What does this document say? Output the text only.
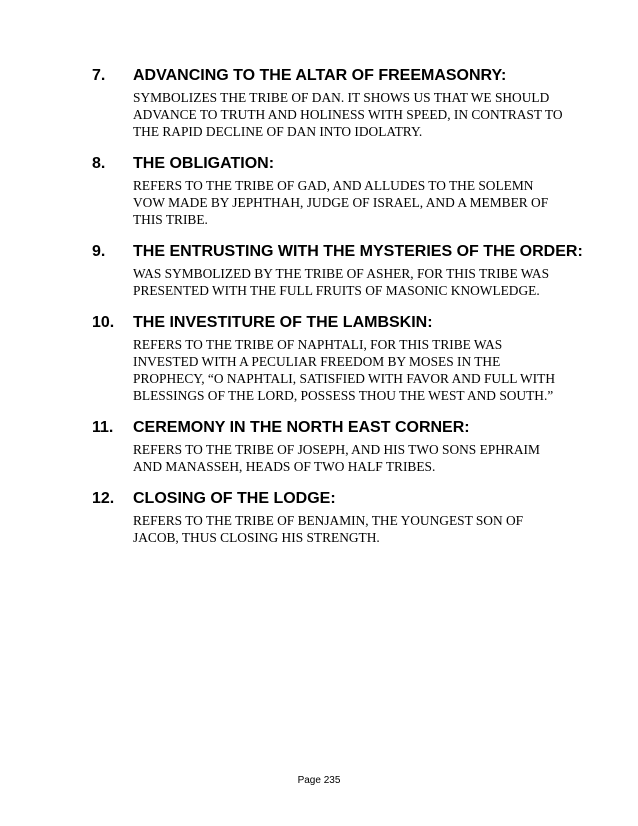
7. ADVANCING TO THE ALTAR OF FREEMASONRY:
SYMBOLIZES THE TRIBE OF DAN. IT SHOWS US THAT WE SHOULD ADVANCE TO TRUTH AND HOLINESS WITH SPEED, IN CONTRAST TO THE RAPID DECLINE OF DAN INTO IDOLATRY.
8. THE OBLIGATION:
REFERS TO THE TRIBE OF GAD, AND ALLUDES TO THE SOLEMN VOW MADE BY JEPHTHAH, JUDGE OF ISRAEL, AND A MEMBER OF THIS TRIBE.
9. THE ENTRUSTING WITH THE MYSTERIES OF THE ORDER:
WAS SYMBOLIZED BY THE TRIBE OF ASHER, FOR THIS TRIBE WAS PRESENTED WITH THE FULL FRUITS OF MASONIC KNOWLEDGE.
10. THE INVESTITURE OF THE LAMBSKIN:
REFERS TO THE TRIBE OF NAPHTALI, FOR THIS TRIBE WAS INVESTED WITH A PECULIAR FREEDOM BY MOSES IN THE PROPHECY, “O NAPHTALI, SATISFIED WITH FAVOR AND FULL WITH BLESSINGS OF THE LORD, POSSESS THOU THE WEST AND SOUTH.”
11. CEREMONY IN THE NORTH EAST CORNER:
REFERS TO THE TRIBE OF JOSEPH, AND HIS TWO SONS EPHRAIM AND MANASSEH, HEADS OF TWO HALF TRIBES.
12. CLOSING OF THE LODGE:
REFERS TO THE TRIBE OF BENJAMIN, THE YOUNGEST SON OF JACOB, THUS CLOSING HIS STRENGTH.
Page 235
